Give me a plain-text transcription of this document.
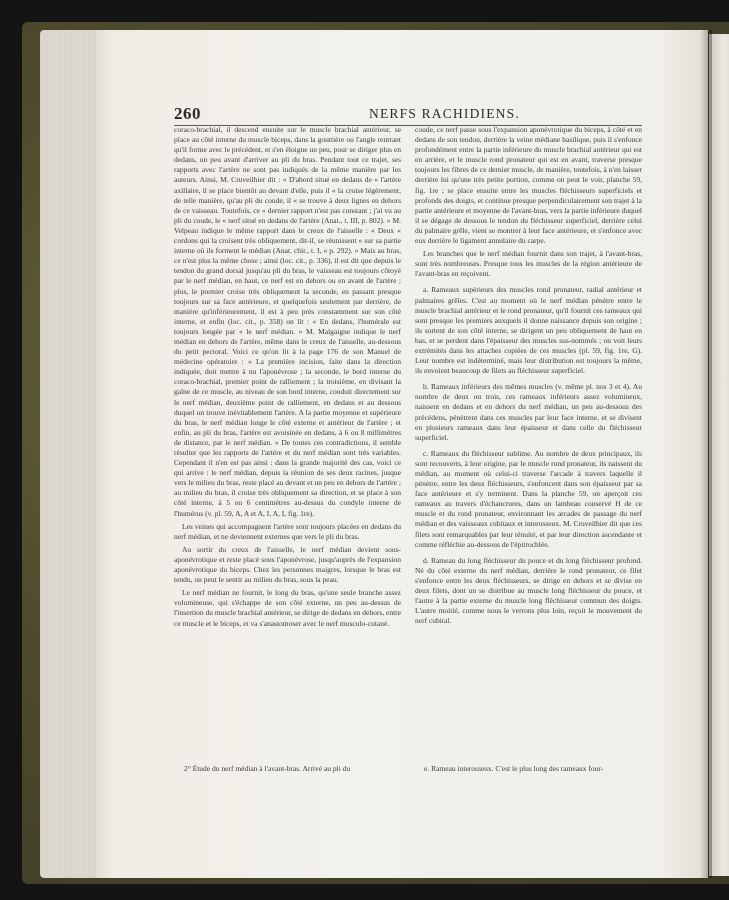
260	NERFS RACHIDIENS.

coraco-brachial, il descend ensuite sur le muscle brachial antérieur, se place au côté interne du muscle biceps, dans la gouttière ou l'angle rentrant qu'il forme avec le précédent, et s'en éloigne un peu, pour se diriger plus en dedans, un peu avant d'arriver au pli du bras. Pendant tout ce trajet, ses rapports avec l'artère ne sont pas indiqués de la même manière par les auteurs. Ainsi, M. Cruveilhier dit : « D'abord situé en dedans de « l'artère axillaire, il se place bientôt au devant d'elle, puis il « la croise légèrement, de telle manière, qu'au pli du coude, il « se trouve à deux lignes en dehors de ce vaisseau. Toutefois, ce « dernier rapport n'est pas constant ; j'ai vu au pli du coude, le « nerf situé en dedans de l'artère (Anat., t. III, p. 802). » M. Velpeau indique le même rapport dans le creux de l'aisselle : « Deux « cordons qui la croisent très obliquement, dit-il, se réunissent « sur sa partie interne où ils forment le médian (Anat. chir., t. I, « p. 292). » Mais au bras, ce n'est plus la même chose ; ainsi (loc. cit., p. 336), il est dit que depuis le tendon du grand dorsal jusqu'au pli du bras, le vaisseau est toujours côtoyé par le nerf médian, en haut, ce nerf est en dehors ou en avant de l'artère ; plus, le premier croise très obliquement la seconde, en passant presque toujours sur sa face antérieure, et quelquefois seulement par derrière, de manière qu'inférieurement, il est à peu près constamment sur son côté interne, et enfin (loc. cit., p. 358) on lit : « En dedans, l'humérale est toujours longée par « le nerf médian. » M. Malgaigne indique le nerf médian en dehors de l'artère, même dans le creux de l'aisselle, au-dessous du petit pectoral. Voici ce qu'on lit à la page 176 de son Manuel de médecine opératoire : « La première incision, faite dans la direction indiquée, doit mettre à nu l'aponévrose ; la seconde, le bord interne du coraco-brachial, premier point de ralliement ; la troisième, en divisant la gaîne de ce muscle, au niveau de son bord interne, conduit directement sur le nerf médian, deuxième point de ralliement, en dedans et au dessous duquel on trouve inévitablement l'artère. A la partie moyenne et supérieure du bras, le nerf médian longe le côté externe et antérieur de l'artère ; et enfin, au pli du bras, l'artère est avoisinée en dedans, à 6 ou 8 millimètres de distance, par le nerf médian. » De toutes ces contradictions, il semble résulter que les rapports de l'artère et du nerf médian sont très variables. Cependant il n'en est pas ainsi : dans la grande majorité des cas, voici ce qui arrive : le nerf médian, depuis la réunion de ses deux racines, jusque vers le milieu du bras, reste placé au devant et un peu en dehors de l'artère ; au milieu du bras, il croise très obliquement sa direction, et se place à son côté interne, à 5 ou 6 centimètres au-dessus du condyle interne de l'humérus (v. pl. 59, A, A et A, I, A, I, fig. 1re).

Les veines qui accompagnent l'artère sont toujours placées en dedans du nerf médian, et ne deviennent externes que vers le pli du bras.

Au sortir du creux de l'aisselle, le nerf médian devient sous-aponévrotique et reste placé sous l'aponévrose, jusqu'auprès de l'expansion aponévrotique du biceps. Chez les personnes maigres, lorsque le bras est tendu, on peut le sentir au milieu du bras, sous la peau.

Le nerf médian ne fournit, le long du bras, qu'une seule branche assez volumineuse, qui s'échappe de son côté externe, un peu au-dessus de l'insertion du muscle brachial antérieur, se dirige de dedans en dehors, entre ce muscle et le biceps, et va s'anastomoser avec le nerf musculo-cutané.

2° Étude du nerf médian à l'avant-bras. Arrivé au pli du

coude, ce nerf passe sous l'expansion aponévrotique du biceps, à côté et en dedans de son tendon, derrière la veine médiane basilique, puis il s'enfonce profondément entre la partie inférieure du muscle brachial antérieur qui est en arrière, et le muscle rond pronateur qui est en avant, traverse presque toujours les fibres de ce dernier muscle, de manière, toutefois, à n'en laisser derrière lui qu'une très petite portion, comme on peut le voir, planche 59, fig. 1re ; se place ensuite entre les muscles fléchisseurs superficiels et profonds des doigts, et continue presque perpendiculairement son trajet à la partie antérieure et moyenne de l'avant-bras, vers la partie inférieure duquel il se dégage de dessous le tendon du fléchisseur superficiel, derrière celui du palmaire grêle, vient se montrer à leur face antérieure, et s'enfonce avec eux derrière le ligament annulaire du carpe.

Les branches que le nerf médian fournit dans son trajet, à l'avant-bras, sont très nombreuses. Presque tous les muscles de la région antérieure de l'avant-bras en reçoivent.

a. Rameaux supérieurs des muscles rond pronateur, radial antérieur et palmaires grêles. C'est au moment où le nerf médian pénètre entre le muscle brachial antérieur et le rond pronateur, qu'il fournit ces rameaux qui sont presque les premiers auxquels il donne naissance depuis son origine ; ils sortent de son côté interne, se dirigent un peu obliquement de haut en bas, et se perdent dans l'épaisseur des muscles sus-nommés ; on voit leurs extrémités dans les attaches copiées de ces muscles (pl. 59, fig. 1re, G). Leur nombre est indéterminé, mais leur distribution est toujours la même, ils envoient beaucoup de filets au fléchisseur superficiel.

b. Rameaux inférieurs des mêmes muscles (v. même pl. nos 3 et 4). Au nombre de deux ou trois, ces rameaux inférieurs assez volumineux, naissent en dedans et en dehors du nerf médian, un peu au-dessous des précédens, pénètrent dans ces muscles par leur face interne, et se divisent en plusieurs rameaux dans leur épaisseur et dans celle du fléchisseur superficiel.

c. Rameaux du fléchisseur sublime. Au nombre de deux principaux, ils sont recouverts, à leur origine, par le muscle rond pronateur, ils naissent du médian, au moment où celui-ci traverse l'arcade à travers laquelle il pénètre, entre les deux fléchisseurs, s'enfoncent dans son épaisseur par sa face antérieure et s'y terminent. Dans la planche 59, on aperçoit ces rameaux au travers d'échancrures, dans un lambeau conservé H de ce muscle et du rond pronateur, environnant les arcades de passage du nerf médian et des vaisseaux cubitaux et interosseux. M. Cruveilhier dit que ces filets sont remarquables par leur ténuité, et par leur direction ascendante et comme réfléchie au-dessous de l'épitrochlée.

d. Rameau du long fléchisseur du pouce et du long fléchisseur profond. Né du côté externe du nerf médian, derrière le rond pronateur, ce filet s'enfonce entre les deux fléchisseurs, se dirige en dehors et se divise en deux filets, dont un se distribue au muscle long fléchisseur du pouce, et l'autre à la partie externe du muscle long fléchisseur commun des doigts. L'autre moitié, comme nous le verrons plus loin, reçoit le mouvement du nerf cubital.

e. Rameau interosseux. C'est le plus long des rameaux four-
